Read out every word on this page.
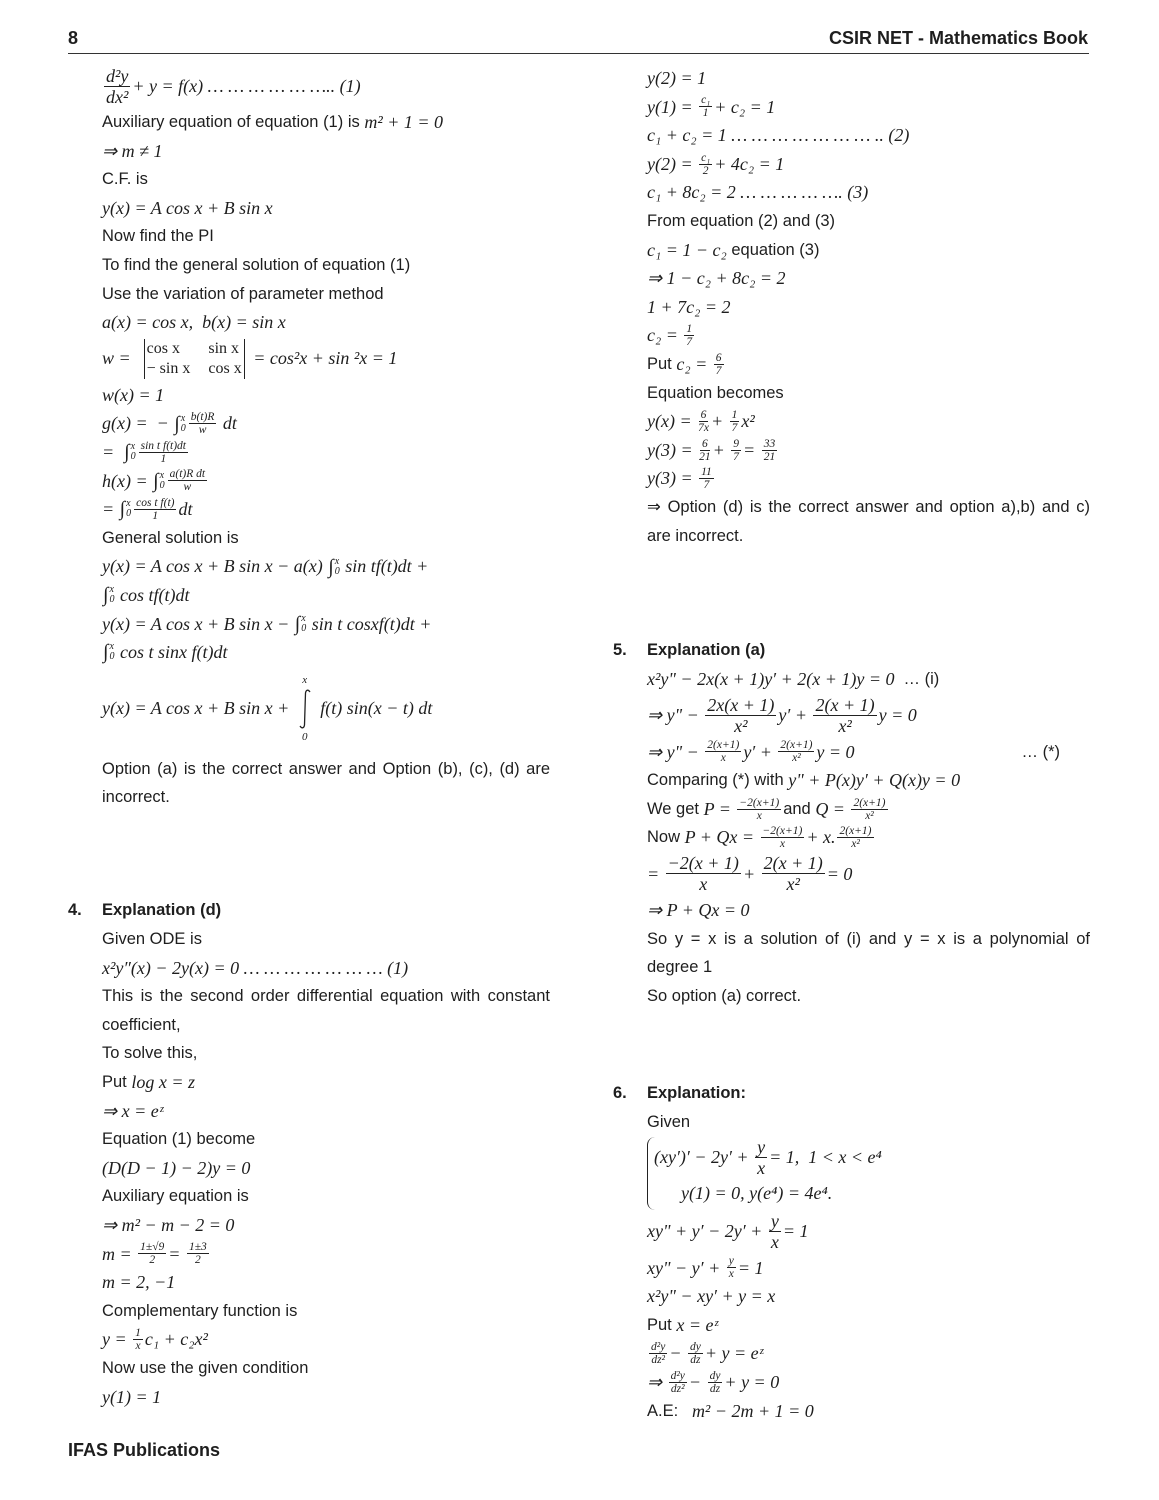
8	CSIR NET - Mathematics Book
$\frac{\text{d²y}}{\text{dx²}} + y = f(x)$ … … … … … ….. (1)
Auxiliary equation of equation (1) is m² + 1 = 0
⇒ m ≠ 1
C.F. is
y(x) = A cos x + B sin x
Now find the PI
To find the general solution of equation (1)
Use the variation of parameter method
a(x) = cos x,  b(x) = sin x
w =
cos x	sin x
− sin x cos x = cos²x + sin ²x = 1
w(x) = 1
g(x) =  − ∫ x
$0 \frac{b(t)R}{w}$ dt
= ∫ x
$0 \frac{\text{sin t f(t)dt}}{1}$
h(x) = ∫ x
$0 \frac{\text{a(t)R dt}}{w}$
= ∫ x
$0 \frac{\text{cos t f(t)}}{1}$ dt
General solution is
y(x) = A cos x + B sin x − a(x) ∫ x
0 sin tf(t)dt +
∫ x
0 cos tf(t)dt
y(x) = A cos x + B sin x − ∫ x
0 sin t cosxf(t)dt +
∫ x
0 cos t sinx f(t)dt
y(x) = A cos x + B sin x +
x
0
f(t) sin(x − t) dt
Option (a) is the correct answer and Option (b), (c), (d) are incorrect.
4. Explanation (d)
Given ODE is
x²y″(x) − 2y(x) = 0 … … … … … … … (1)
This is the second order differential equation with constant coefficient,
To solve this,
Put log x = z
⇒ x = eᶻ
Equation (1) become
(D(D − 1) − 2)y = 0
Auxiliary equation is
⇒ m² − m − 2 = 0
$m = \frac{1\pm√9}{2} = \frac{1\pm 3}{2}$
m = 2, −1
Complementary function is
$y = \frac{1}{x} c_1 + c_2x^2$
Now use the given condition
y(1) = 1
y(2) = 1
$y(1) = \frac{\text{c₁}}{1} + c_2 = 1$
c₁ + c₂ = 1 … … … … … … … .. (2)
$y(2) = \frac{\text{c₁}}{2} + 4c_2 = 1$
c₁ + 8c₂ = 2 … … … … …. (3)
From equation (2) and (3)
c₁ = 1 − c₂ equation (3)
⇒ 1 − c₂ + 8c₂ = 2
1 + 7c₂ = 2
$c_2 = \frac{1}{7}$
Put $c_2 = \frac{6}{7}$
Equation becomes
$y(x) = \frac{6}{7x} + \frac{1}{7} x^2$
$y(3) = \frac{6}{21} + \frac{9}{7} = \frac{33}{21}$
$y(3) = \frac{11}{7}$
⇒ Option (d) is the correct answer and option a),b) and c) are incorrect.
5. Explanation (a)
x²y" − 2x(x + 1)y′ + 2(x + 1)y = 0 … (i)
⇒ y" − $\frac{2x(x + 1)}{\text{x²}} y' + \frac{2(x + 1)}{\text{x²}}$ y = 0
⇒ y" − $\frac{2(x+1)}{x} y' + \frac{2(x+1)}{\text{x²}}$ y = 0	… (*)
Comparing (*) with y" + P(x)y′ + Q(x)y = 0
We get $P = \frac{-2(x+1)}{x}$ and $Q = \frac{2(x+1)}{\text{x²}}$
Now $P + Qx = \frac{-2(x+1)}{x} + x$. $\frac{2(x+1)}{\text{x²}}$
= $\frac{-2(x + 1)}{x} + \frac{2(x + 1)}{\text{x²}} = 0$
⇒ P + Qx = 0
So y = x is a solution of (i) and y = x is a polynomial of degree 1
So option (a) correct.
6. Explanation:
Given
$(xy')' - 2y' + \frac{y}{x} = 1$,  1 < x < e⁴
y(1) = 0, y(e⁴) = 4e⁴.
xy" + $y' - 2y' + \frac{y}{x} = 1$
xy" − $y' + \frac{y}{x} = 1$
x²y" − xy′ + y = x
Put x = eᶻ
$\frac{\text{d²y}}{\text{dz²}} - \frac{dy}{dz} + y$ = eᶻ
⇒ $\frac{\text{d²y}}{\text{dz²}} - \frac{dy}{dz} + y = 0$
A.E: m² − 2m + 1 = 0
IFAS Publications
